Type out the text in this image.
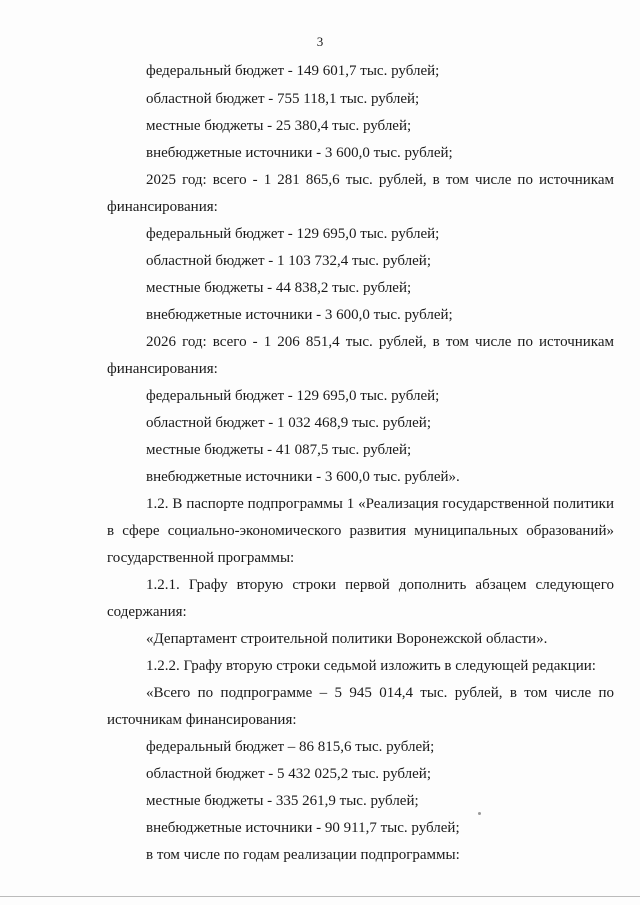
3
федеральный бюджет - 149 601,7 тыс. рублей;
областной бюджет - 755 118,1 тыс. рублей;
местные бюджеты - 25 380,4 тыс. рублей;
внебюджетные источники - 3 600,0 тыс. рублей;
2025 год: всего - 1 281 865,6 тыс. рублей, в том числе по источникам
финансирования:
федеральный бюджет - 129 695,0 тыс. рублей;
областной бюджет - 1 103 732,4 тыс. рублей;
местные бюджеты - 44 838,2 тыс. рублей;
внебюджетные источники - 3 600,0 тыс. рублей;
2026 год: всего - 1 206 851,4 тыс. рублей, в том числе по источникам
финансирования:
федеральный бюджет - 129 695,0 тыс. рублей;
областной бюджет - 1 032 468,9 тыс. рублей;
местные бюджеты - 41 087,5 тыс. рублей;
внебюджетные источники - 3 600,0 тыс. рублей».
1.2. В паспорте подпрограммы 1 «Реализация государственной политики
в сфере социально-экономического развития муниципальных образований»
государственной программы:
1.2.1. Графу вторую строки первой дополнить абзацем следующего
содержания:
«Департамент строительной политики Воронежской области».
1.2.2. Графу вторую строки седьмой изложить в следующей редакции:
«Всего по подпрограмме – 5 945 014,4 тыс. рублей, в том числе по
источникам финансирования:
федеральный бюджет – 86 815,6 тыс. рублей;
областной бюджет - 5 432 025,2 тыс. рублей;
местные бюджеты - 335 261,9 тыс. рублей;
внебюджетные источники - 90 911,7 тыс. рублей;
в том числе по годам реализации подпрограммы:
